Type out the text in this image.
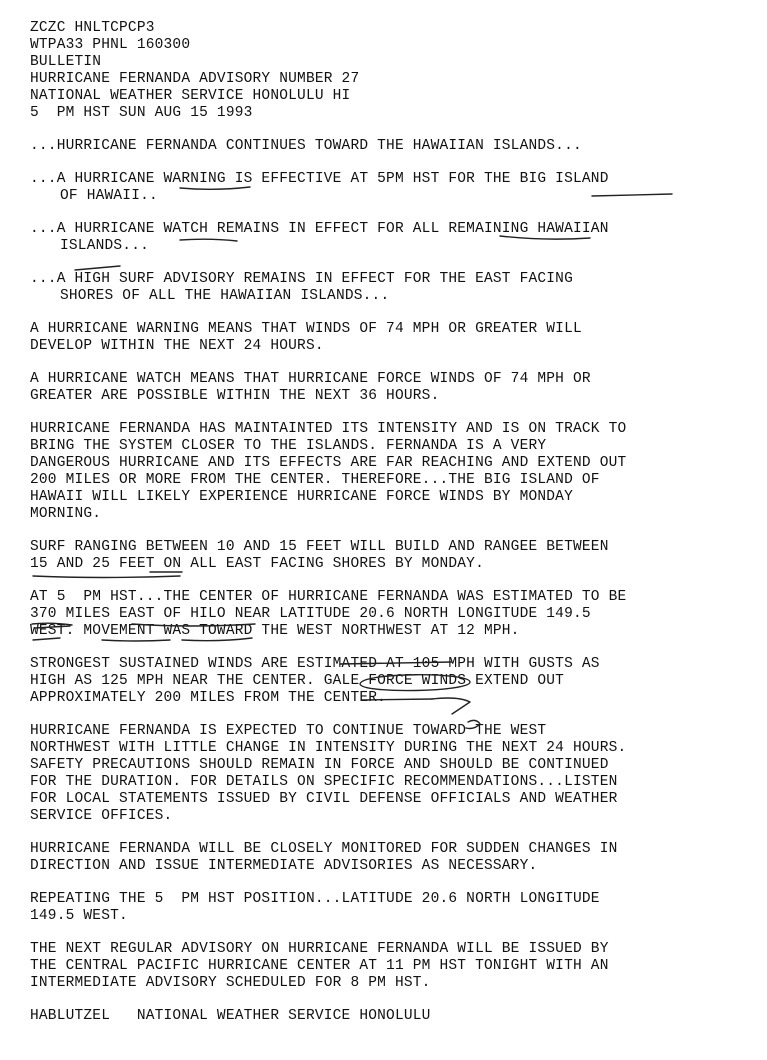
ZCZC HNLTCPCP3
WTPA33 PHNL 160300
BULLETIN
HURRICANE FERNANDA ADVISORY NUMBER 27
NATIONAL WEATHER SERVICE HONOLULU HI
5  PM HST SUN AUG 15 1993
...HURRICANE FERNANDA CONTINUES TOWARD THE HAWAIIAN ISLANDS...
...A HURRICANE WARNING IS EFFECTIVE AT 5PM HST FOR THE BIG ISLAND
OF HAWAII..
...A HURRICANE WATCH REMAINS IN EFFECT FOR ALL REMAINING HAWAIIAN
ISLANDS...
...A HIGH SURF ADVISORY REMAINS IN EFFECT FOR THE EAST FACING
SHORES OF ALL THE HAWAIIAN ISLANDS...
A HURRICANE WARNING MEANS THAT WINDS OF 74 MPH OR GREATER WILL
DEVELOP WITHIN THE NEXT 24 HOURS.
A HURRICANE WATCH MEANS THAT HURRICANE FORCE WINDS OF 74 MPH OR
GREATER ARE POSSIBLE WITHIN THE NEXT 36 HOURS.
HURRICANE FERNANDA HAS MAINTAINTED ITS INTENSITY AND IS ON TRACK TO
BRING THE SYSTEM CLOSER TO THE ISLANDS. FERNANDA IS A VERY
DANGEROUS HURRICANE AND ITS EFFECTS ARE FAR REACHING AND EXTEND OUT
200 MILES OR MORE FROM THE CENTER. THEREFORE...THE BIG ISLAND OF
HAWAII WILL LIKELY EXPERIENCE HURRICANE FORCE WINDS BY MONDAY
MORNING.
SURF RANGING BETWEEN 10 AND 15 FEET WILL BUILD AND RANGEE BETWEEN
15 AND 25 FEET ON ALL EAST FACING SHORES BY MONDAY.
AT 5  PM HST...THE CENTER OF HURRICANE FERNANDA WAS ESTIMATED TO BE
370 MILES EAST OF HILO NEAR LATITUDE 20.6 NORTH LONGITUDE 149.5
WEST. MOVEMENT WAS TOWARD THE WEST NORTHWEST AT 12 MPH.
STRONGEST SUSTAINED WINDS ARE ESTIMATED AT 105 MPH WITH GUSTS AS
HIGH AS 125 MPH NEAR THE CENTER. GALE FORCE WINDS EXTEND OUT
APPROXIMATELY 200 MILES FROM THE CENTER.
HURRICANE FERNANDA IS EXPECTED TO CONTINUE TOWARD THE WEST
NORTHWEST WITH LITTLE CHANGE IN INTENSITY DURING THE NEXT 24 HOURS.
SAFETY PRECAUTIONS SHOULD REMAIN IN FORCE AND SHOULD BE CONTINUED
FOR THE DURATION. FOR DETAILS ON SPECIFIC RECOMMENDATIONS...LISTEN
FOR LOCAL STATEMENTS ISSUED BY CIVIL DEFENSE OFFICIALS AND WEATHER
SERVICE OFFICES.
HURRICANE FERNANDA WILL BE CLOSELY MONITORED FOR SUDDEN CHANGES IN
DIRECTION AND ISSUE INTERMEDIATE ADVISORIES AS NECESSARY.
REPEATING THE 5  PM HST POSITION...LATITUDE 20.6 NORTH LONGITUDE
149.5 WEST.
THE NEXT REGULAR ADVISORY ON HURRICANE FERNANDA WILL BE ISSUED BY
THE CENTRAL PACIFIC HURRICANE CENTER AT 11 PM HST TONIGHT WITH AN
INTERMEDIATE ADVISORY SCHEDULED FOR 8 PM HST.
HABLUTZEL   NATIONAL WEATHER SERVICE HONOLULU
